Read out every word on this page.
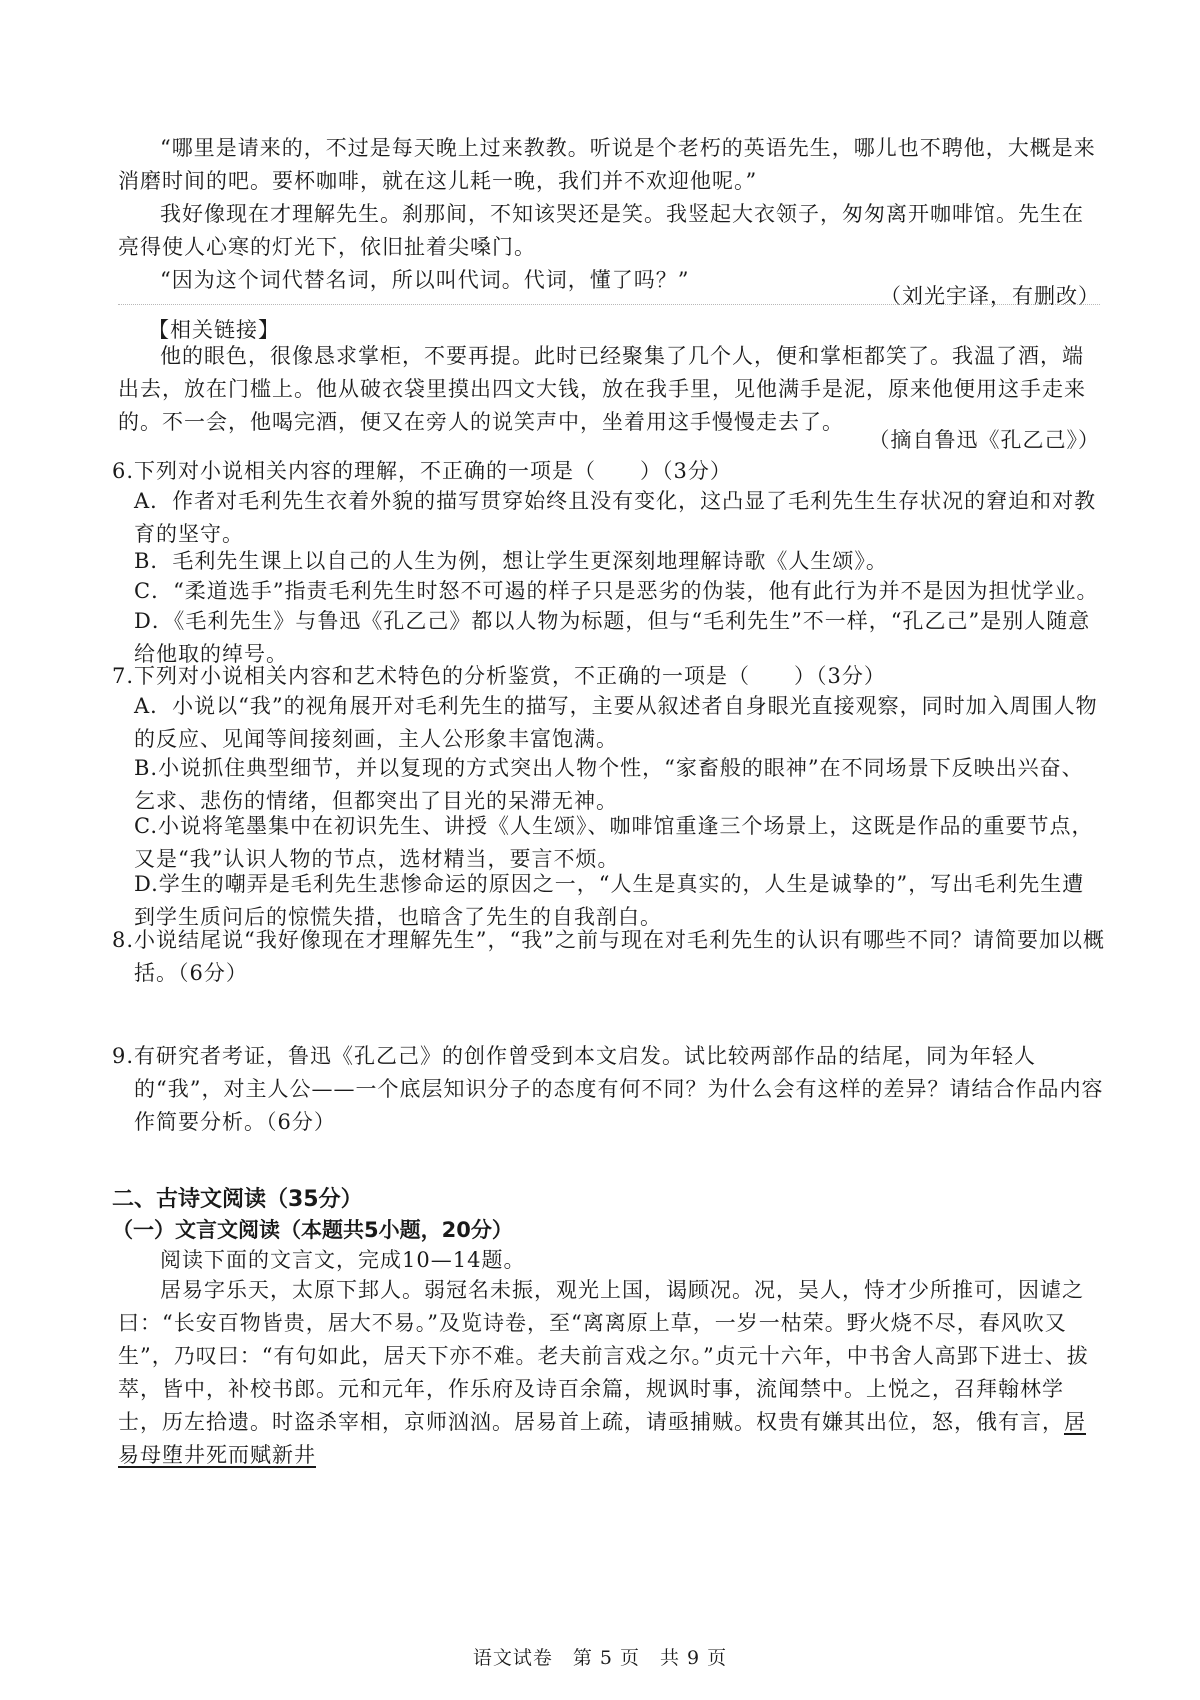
“哪里是请来的，不过是每天晚上过来教教。听说是个老朽的英语先生，哪儿也不聘他，大概是来消磨时间的吧。要杯咖啡，就在这儿耗一晚，我们并不欢迎他呢。”

我好像现在才理解先生。刹那间，不知该哭还是笑。我竖起大衣领子，匆匆离开咖啡馆。先生在亮得使人心寒的灯光下，依旧扯着尖嗓门。

“因为这个词代替名词，所以叫代词。代词，懂了吗？”

（刘光宇译，有删改）

【相关链接】

他的眼色，很像恳求掌柜，不要再提。此时已经聚集了几个人，便和掌柜都笑了。我温了酒，端出去，放在门槛上。他从破衣袋里摸出四文大钱，放在我手里，见他满手是泥，原来他便用这手走来的。不一会，他喝完酒，便又在旁人的说笑声中，坐着用这手慢慢走去了。

（摘自鲁迅《孔乙己》）

6.下列对小说相关内容的理解，不正确的一项是（　　）（3分）

A．作者对毛利先生衣着外貌的描写贯穿始终且没有变化，这凸显了毛利先生生存状况的窘迫和对教育的坚守。

B．毛利先生课上以自己的人生为例，想让学生更深刻地理解诗歌《人生颂》。

C．“柔道选手”指责毛利先生时怒不可遏的样子只是恶劣的伪装，他有此行为并不是因为担忧学业。

D．《毛利先生》与鲁迅《孔乙己》都以人物为标题，但与“毛利先生”不一样，“孔乙己”是别人随意给他取的绰号。

7.下列对小说相关内容和艺术特色的分析鉴赏，不正确的一项是（　　）（3分）

A．小说以“我”的视角展开对毛利先生的描写，主要从叙述者自身眼光直接观察，同时加入周围人物的反应、见闻等间接刻画，主人公形象丰富饱满。

B.小说抓住典型细节，并以复现的方式突出人物个性，“家畜般的眼神”在不同场景下反映出兴奋、乞求、悲伤的情绪，但都突出了目光的呆滞无神。

C.小说将笔墨集中在初识先生、讲授《人生颂》、咖啡馆重逢三个场景上，这既是作品的重要节点，又是“我”认识人物的节点，选材精当，要言不烦。

D.学生的嘲弄是毛利先生悲惨命运的原因之一，“人生是真实的，人生是诚挚的”，写出毛利先生遭到学生质问后的惊慌失措，也暗含了先生的自我剖白。

8.小说结尾说“我好像现在才理解先生”，“我”之前与现在对毛利先生的认识有哪些不同？请简要加以概括。（6分）

9.有研究者考证，鲁迅《孔乙己》的创作曾受到本文启发。试比较两部作品的结尾，同为年轻人的“我”，对主人公——一个底层知识分子的态度有何不同？为什么会有这样的差异？请结合作品内容作简要分析。（6分）

二、古诗文阅读（35分）

（一）文言文阅读（本题共5小题，20分）

阅读下面的文言文，完成10—14题。

居易字乐天，太原下邽人。弱冠名未振，观光上国，谒顾况。况，吴人，恃才少所推可，因谑之曰：“长安百物皆贵，居大不易。”及览诗卷，至“离离原上草，一岁一枯荣。野火烧不尽，春风吹又生”，乃叹曰：“有句如此，居天下亦不难。老夫前言戏之尔。”贞元十六年，中书舍人高郢下进士、拔萃，皆中，补校书郎。元和元年，作乐府及诗百余篇，规讽时事，流闻禁中。上悦之，召拜翰林学士，历左拾遗。时盗杀宰相，京师汹汹。居易首上疏，请亟捕贼。权贵有嫌其出位，怒，俄有言，居易母堕井死而赋新井

语文试卷　第 5 页　共 9 页
